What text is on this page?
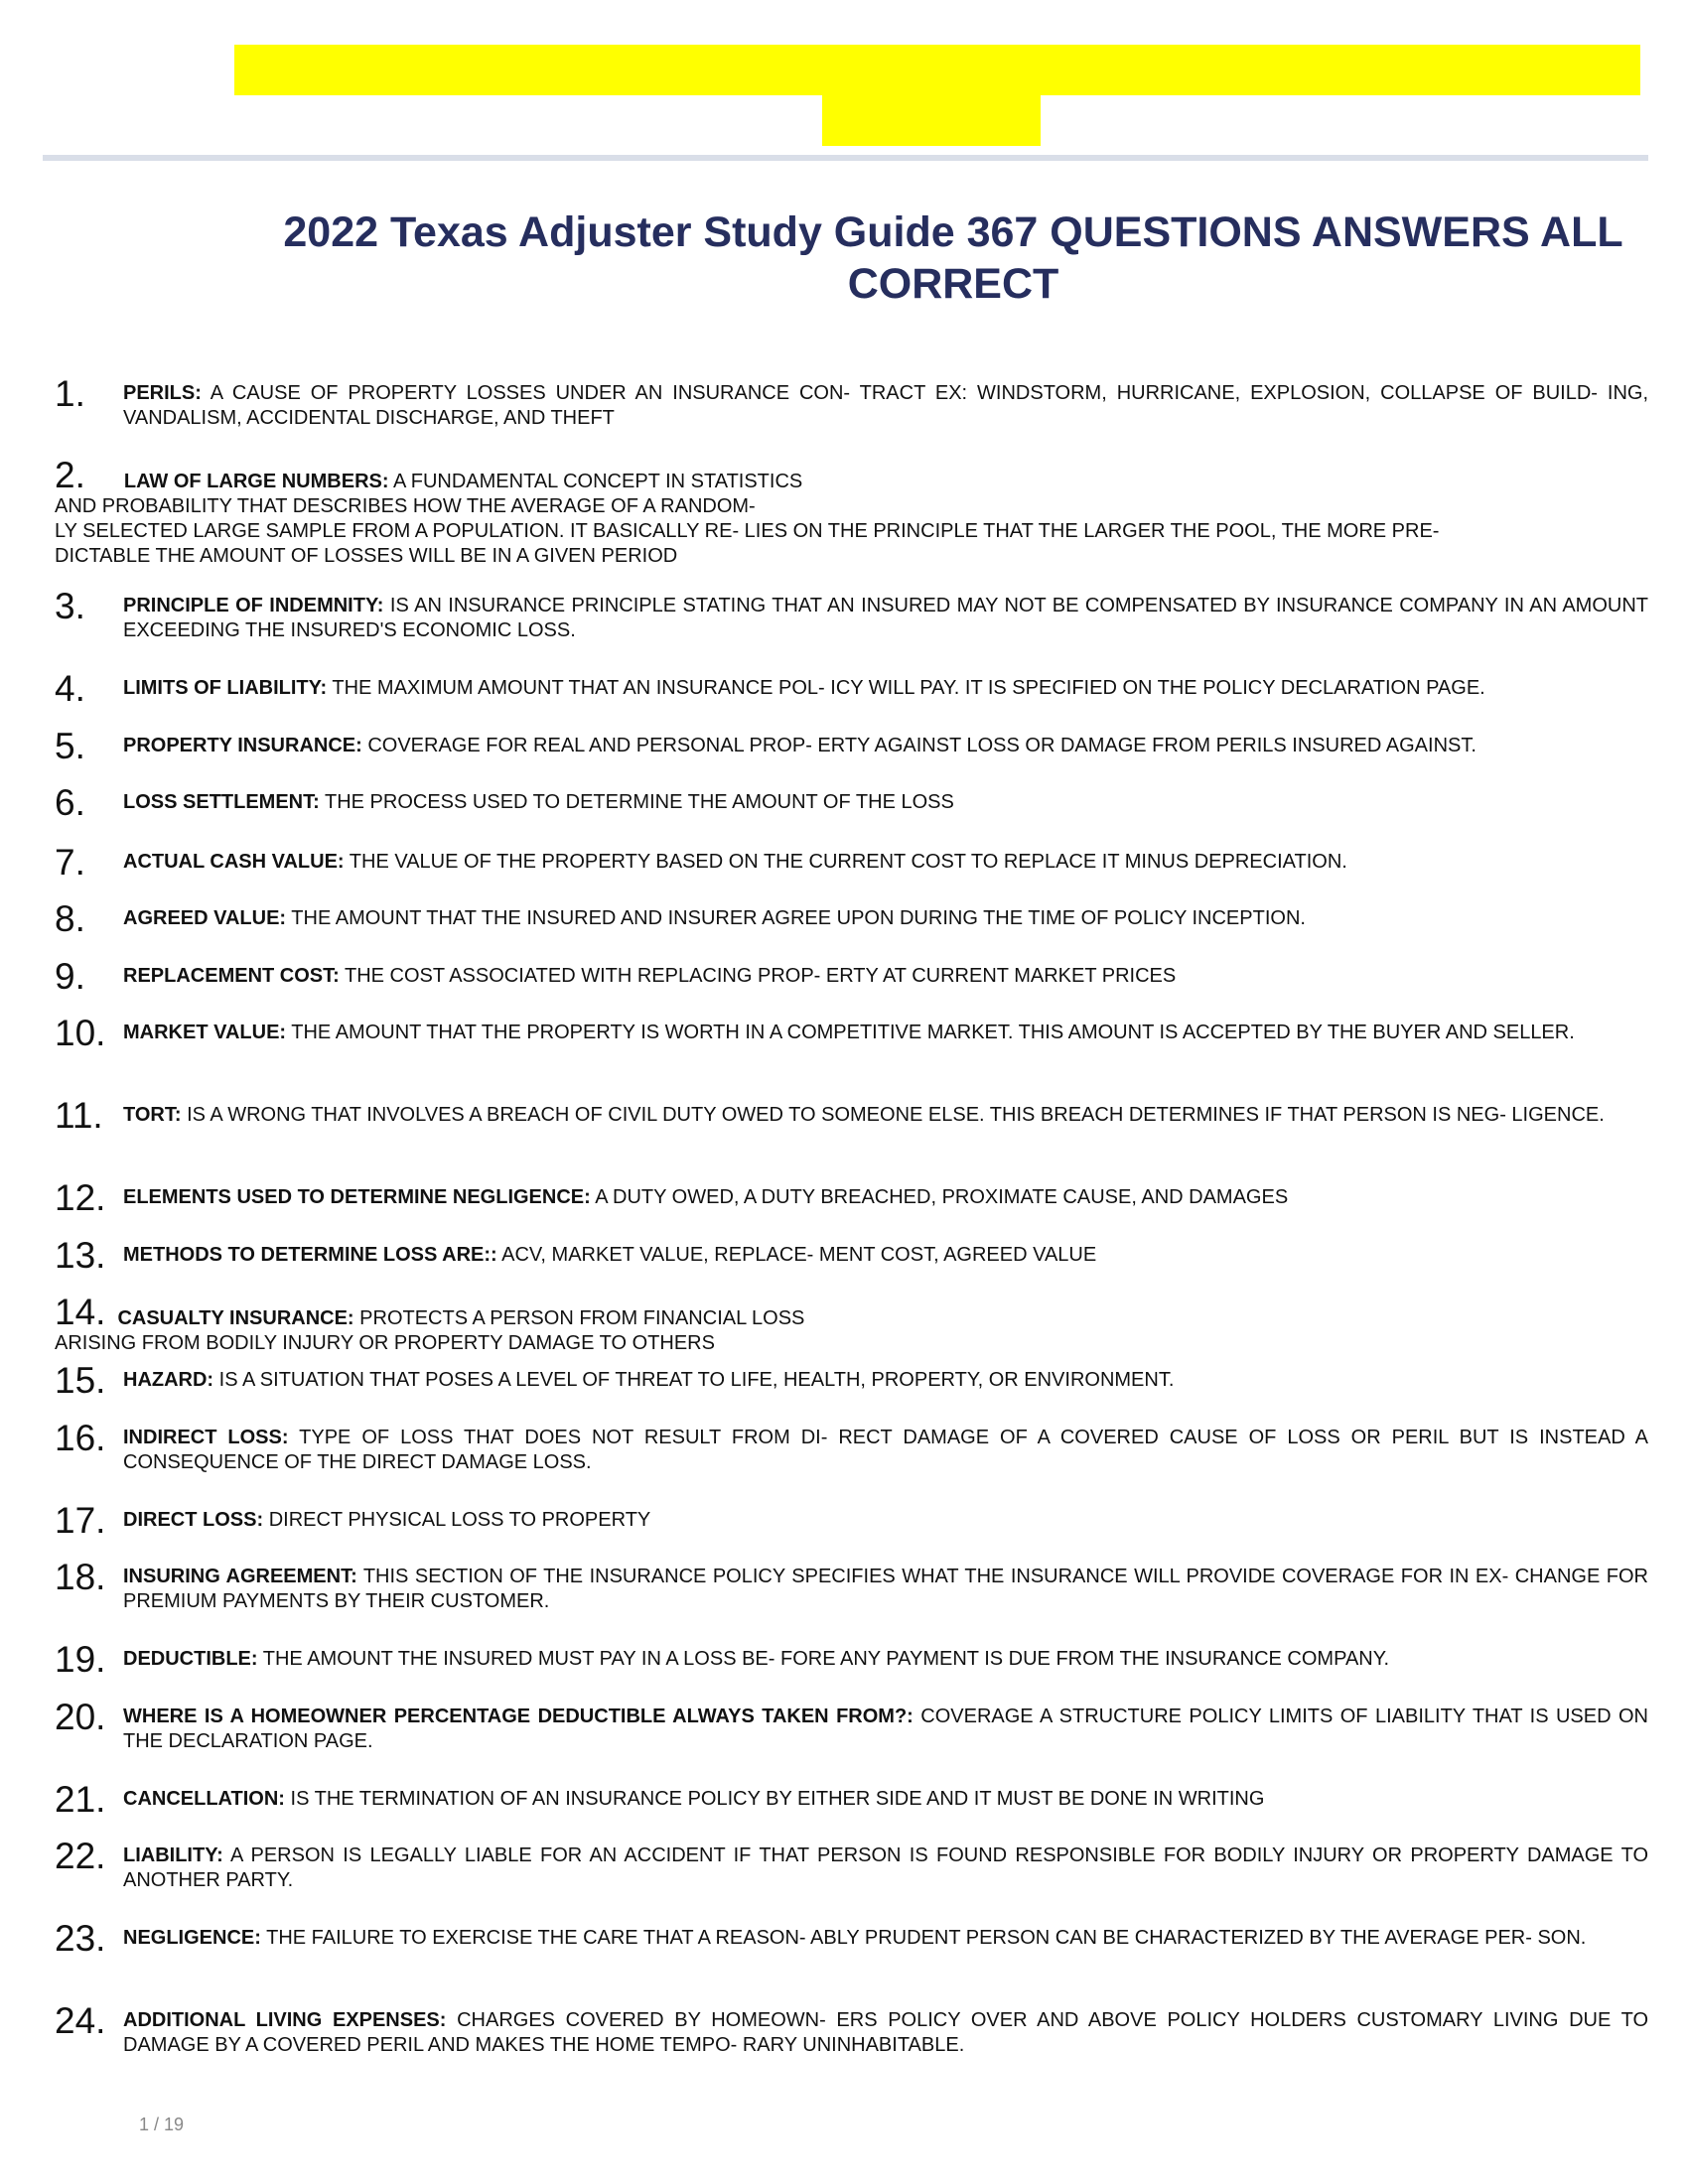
2022 Texas Adjuster Study Guide 367 QUESTIONS ANSWERS ALL CORRECT
1. PERILS: A CAUSE OF PROPERTY LOSSES UNDER AN INSURANCE CON- TRACT EX: WINDSTORM, HURRICANE, EXPLOSION, COLLAPSE OF BUILD- ING, VANDALISM, ACCIDENTAL DISCHARGE, AND THEFT
2. LAW OF LARGE NUMBERS: A FUNDAMENTAL CONCEPT IN STATISTICS
AND PROBABILITY THAT DESCRIBES HOW THE AVERAGE OF A RANDOM-
LY SELECTED LARGE SAMPLE FROM A POPULATION. IT BASICALLY RE- LIES ON THE PRINCIPLE THAT THE LARGER THE POOL, THE MORE PRE-
DICTABLE THE AMOUNT OF LOSSES WILL BE IN A GIVEN PERIOD
3. PRINCIPLE OF INDEMNITY: IS AN INSURANCE PRINCIPLE STATING THAT AN INSURED MAY NOT BE COMPENSATED BY INSURANCE COMPANY IN AN AMOUNT EXCEEDING THE INSURED'S ECONOMIC LOSS.
4. LIMITS OF LIABILITY: THE MAXIMUM AMOUNT THAT AN INSURANCE POL- ICY WILL PAY. IT IS SPECIFIED ON THE POLICY DECLARATION PAGE.
5. PROPERTY INSURANCE: COVERAGE FOR REAL AND PERSONAL PROP- ERTY AGAINST LOSS OR DAMAGE FROM PERILS INSURED AGAINST.
6. LOSS SETTLEMENT: THE PROCESS USED TO DETERMINE THE AMOUNT OF THE LOSS
7. ACTUAL CASH VALUE: THE VALUE OF THE PROPERTY BASED ON THE CURRENT COST TO REPLACE IT MINUS DEPRECIATION.
8. AGREED VALUE: THE AMOUNT THAT THE INSURED AND INSURER AGREE UPON DURING THE TIME OF POLICY INCEPTION.
9. REPLACEMENT COST: THE COST ASSOCIATED WITH REPLACING PROP- ERTY AT CURRENT MARKET PRICES
10. MARKET VALUE: THE AMOUNT THAT THE PROPERTY IS WORTH IN A COMPETITIVE MARKET. THIS AMOUNT IS ACCEPTED BY THE BUYER AND SELLER.
11. TORT: IS A WRONG THAT INVOLVES A BREACH OF CIVIL DUTY OWED TO SOMEONE ELSE. THIS BREACH DETERMINES IF THAT PERSON IS NEG- LIGENCE.
12. ELEMENTS USED TO DETERMINE NEGLIGENCE: A DUTY OWED, A DUTY BREACHED, PROXIMATE CAUSE, AND DAMAGES
13. METHODS TO DETERMINE LOSS ARE:: ACV, MARKET VALUE, REPLACE- MENT COST, AGREED VALUE
14. CASUALTY INSURANCE: PROTECTS A PERSON FROM FINANCIAL LOSS
ARISING FROM BODILY INJURY OR PROPERTY DAMAGE TO OTHERS
15. HAZARD: IS A SITUATION THAT POSES A LEVEL OF THREAT TO LIFE, HEALTH, PROPERTY, OR ENVIRONMENT.
16. INDIRECT LOSS: TYPE OF LOSS THAT DOES NOT RESULT FROM DI- RECT DAMAGE OF A COVERED CAUSE OF LOSS OR PERIL BUT IS INSTEAD A CONSEQUENCE OF THE DIRECT DAMAGE LOSS.
17. DIRECT LOSS: DIRECT PHYSICAL LOSS TO PROPERTY
18. INSURING AGREEMENT: THIS SECTION OF THE INSURANCE POLICY SPECIFIES WHAT THE INSURANCE WILL PROVIDE COVERAGE FOR IN EX- CHANGE FOR PREMIUM PAYMENTS BY THEIR CUSTOMER.
19. DEDUCTIBLE: THE AMOUNT THE INSURED MUST PAY IN A LOSS BE- FORE ANY PAYMENT IS DUE FROM THE INSURANCE COMPANY.
20. WHERE IS A HOMEOWNER PERCENTAGE DEDUCTIBLE ALWAYS TAKEN FROM?: COVERAGE A STRUCTURE POLICY LIMITS OF LIABILITY THAT IS USED ON THE DECLARATION PAGE.
21. CANCELLATION: IS THE TERMINATION OF AN INSURANCE POLICY BY EITHER SIDE AND IT MUST BE DONE IN WRITING
22. LIABILITY: A PERSON IS LEGALLY LIABLE FOR AN ACCIDENT IF THAT PERSON IS FOUND RESPONSIBLE FOR BODILY INJURY OR PROPERTY DAMAGE TO ANOTHER PARTY.
23. NEGLIGENCE: THE FAILURE TO EXERCISE THE CARE THAT A REASON- ABLY PRUDENT PERSON CAN BE CHARACTERIZED BY THE AVERAGE PER- SON.
24. ADDITIONAL LIVING EXPENSES: CHARGES COVERED BY HOMEOWN- ERS POLICY OVER AND ABOVE POLICY HOLDERS CUSTOMARY LIVING DUE TO DAMAGE BY A COVERED PERIL AND MAKES THE HOME TEMPO- RARY UNINHABITABLE.
1 / 19
